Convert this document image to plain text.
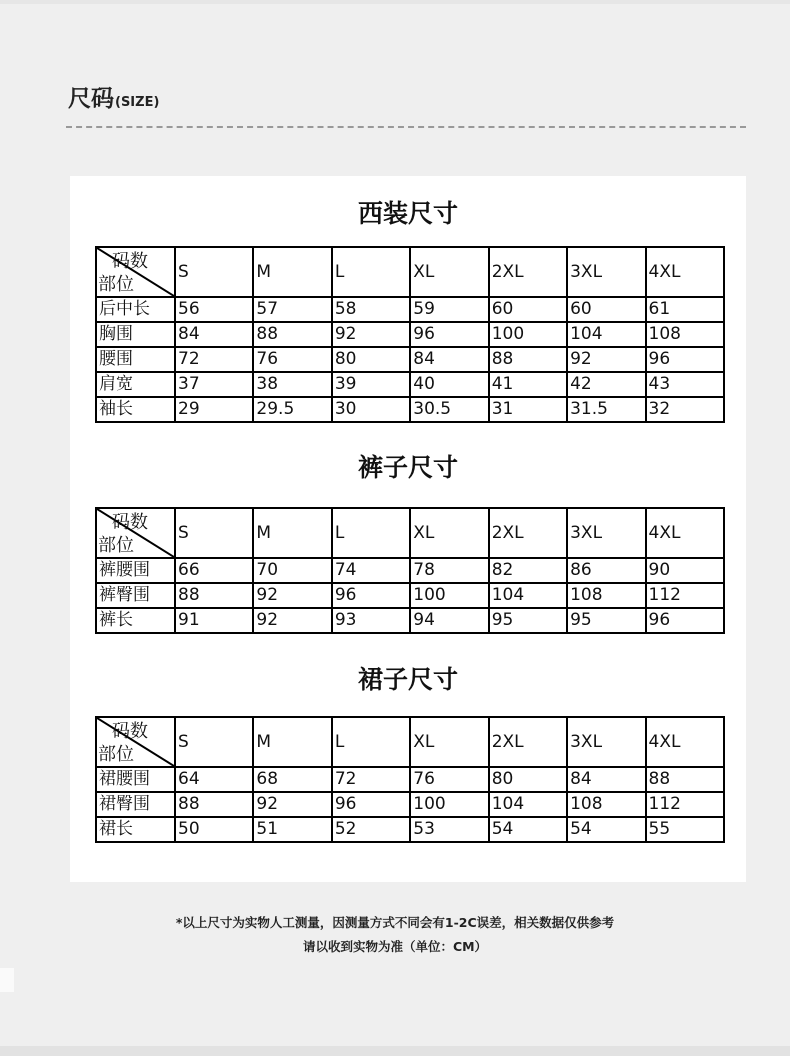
尺码 (SIZE)
西装尺寸
码数
部位	S	M	L	XL	2XL	3XL	4XL
后中长	56	57	58	59	60	60	61
胸围	84	88	92	96	100	104	108
腰围	72	76	80	84	88	92	96
肩宽	37	38	39	40	41	42	43
袖长	29	29.5	30	30.5	31	31.5	32
裤子尺寸
码数
部位	S	M	L	XL	2XL	3XL	4XL
裤腰围	66	70	74	78	82	86	90
裤臀围	88	92	96	100	104	108	112
裤长	91	92	93	94	95	95	96
裙子尺寸
码数
部位	S	M	L	XL	2XL	3XL	4XL
裙腰围	64	68	72	76	80	84	88
裙臀围	88	92	96	100	104	108	112
裙长	50	51	52	53	54	54	55
*以上尺寸为实物人工测量，因测量方式不同会有1-2C误差，相关数据仅供参考
请以收到实物为准（单位：CM）
